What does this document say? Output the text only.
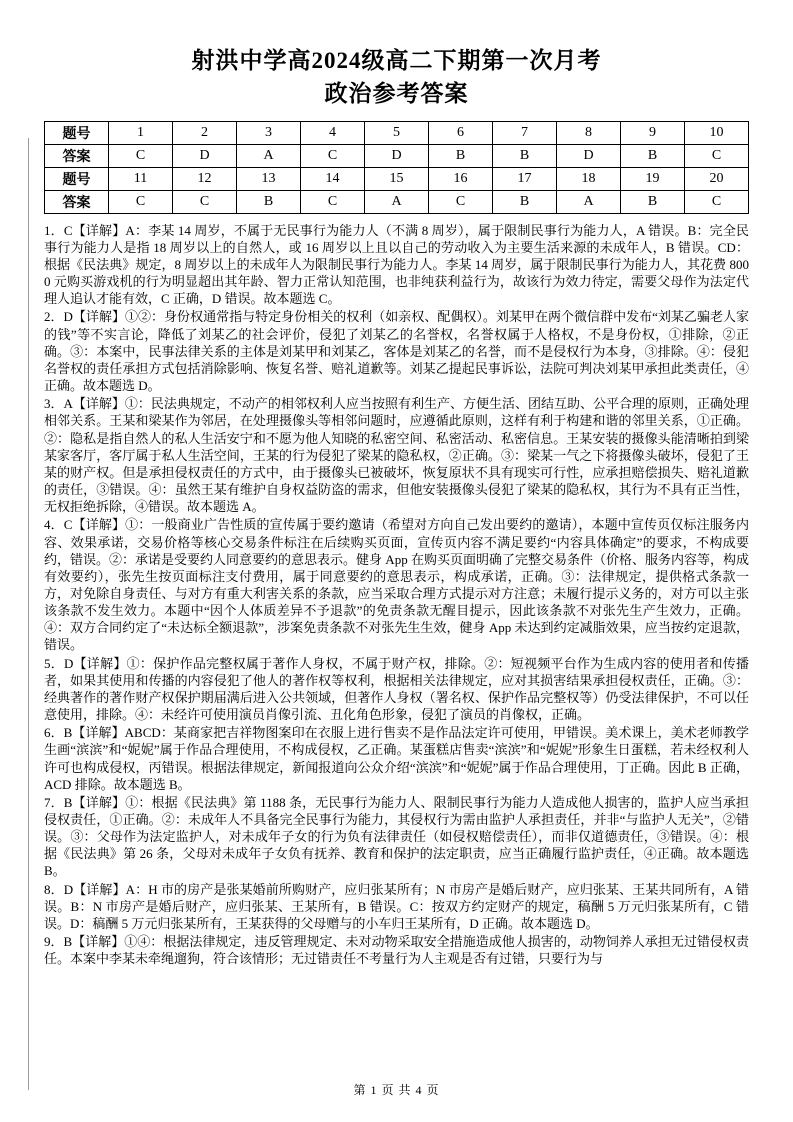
射洪中学高2024级高二下期第一次月考
政治参考答案
题号	1	2	3	4	5	6	7	8	9	10
答案	C	D	A	C	D	B	B	D	B	C
题号	11	12	13	14	15	16	17	18	19	20
答案	C	C	B	C	A	C	B	A	B	C
1．C【详解】A：李某 14 周岁，不属于无民事行为能力人（不满 8 周岁），属于限制民事行为能力人，A 错误。B：完全民事行为能力人是指 18 周岁以上的自然人，或 16 周岁以上且以自己的劳动收入为主要生活来源的未成年人，B 错误。CD：根据《民法典》规定，8 周岁以上的未成年人为限制民事行为能力人。李某 14 周岁，属于限制民事行为能力人，其花费 8000 元购买游戏机的行为明显超出其年龄、智力正常认知范围，也非纯获利益行为，故该行为效力待定，需要父母作为法定代理人追认才能有效，C 正确，D 错误。故本题选 C。
2．D【详解】①②：身份权通常指与特定身份相关的权利（如亲权、配偶权）。刘某甲在两个微信群中发布“刘某乙骗老人家的钱”等不实言论，降低了刘某乙的社会评价，侵犯了刘某乙的名誉权，名誉权属于人格权，不是身份权，①排除，②正确。③：本案中，民事法律关系的主体是刘某甲和刘某乙，客体是刘某乙的名誉，而不是侵权行为本身，③排除。④：侵犯名誉权的责任承担方式包括消除影响、恢复名誉、赔礼道歉等。刘某乙提起民事诉讼，法院可判决刘某甲承担此类责任，④正确。故本题选 D。
3．A【详解】①：民法典规定，不动产的相邻权利人应当按照有利生产、方便生活、团结互助、公平合理的原则，正确处理相邻关系。王某和梁某作为邻居，在处理摄像头等相邻问题时，应遵循此原则，这样有利于构建和谐的邻里关系，①正确。②：隐私是指自然人的私人生活安宁和不愿为他人知晓的私密空间、私密活动、私密信息。王某安装的摄像头能清晰拍到梁某家客厅，客厅属于私人生活空间，王某的行为侵犯了梁某的隐私权，②正确。③：梁某一气之下将摄像头破坏，侵犯了王某的财产权。但是承担侵权责任的方式中，由于摄像头已被破坏，恢复原状不具有现实可行性，应承担赔偿损失、赔礼道歉的责任，③错误。④：虽然王某有维护自身权益防盗的需求，但他安装摄像头侵犯了梁某的隐私权，其行为不具有正当性，无权拒绝拆除，④错误。故本题选 A。
4．C【详解】①：一般商业广告性质的宣传属于要约邀请（希望对方向自己发出要约的邀请），本题中宣传页仅标注服务内容、效果承诺，交易价格等核心交易条件标注在后续购买页面，宣传页内容不满足要约“内容具体确定”的要求，不构成要约，错误。②：承诺是受要约人同意要约的意思表示。健身 App 在购买页面明确了完整交易条件（价格、服务内容等，构成有效要约），张先生按页面标注支付费用，属于同意要约的意思表示，构成承诺，正确。③：法律规定，提供格式条款一方，对免除自身责任、与对方有重大利害关系的条款，应当采取合理方式提示对方注意；未履行提示义务的，对方可以主张该条款不发生效力。本题中“因个人体质差异不予退款”的免责条款无醒目提示，因此该条款不对张先生产生效力，正确。④：双方合同约定了“未达标全额退款”，涉案免责条款不对张先生生效，健身 App 未达到约定减脂效果，应当按约定退款，错误。
5．D【详解】①：保护作品完整权属于著作人身权，不属于财产权，排除。②：短视频平台作为生成内容的使用者和传播者，如果其使用和传播的内容侵犯了他人的著作权等权利，根据相关法律规定，应对其损害结果承担侵权责任，正确。③：经典著作的著作财产权保护期届满后进入公共领域，但著作人身权（署名权、保护作品完整权等）仍受法律保护，不可以任意使用，排除。④：未经许可使用演员肖像引流、丑化角色形象，侵犯了演员的肖像权，正确。
6．B【详解】ABCD：某商家把吉祥物图案印在衣服上进行售卖不是作品法定许可使用，甲错误。美术课上，美术老师教学生画“滨滨”和“妮妮”属于作品合理使用，不构成侵权，乙正确。某蛋糕店售卖“滨滨”和“妮妮”形象生日蛋糕，若未经权利人许可也构成侵权，丙错误。根据法律规定，新闻报道向公众介绍“滨滨”和“妮妮”属于作品合理使用，丁正确。因此 B 正确，ACD 排除。故本题选 B。
7．B【详解】①：根据《民法典》第 1188 条，无民事行为能力人、限制民事行为能力人造成他人损害的，监护人应当承担侵权责任，①正确。②：未成年人不具备完全民事行为能力，其侵权行为需由监护人承担责任，并非“与监护人无关”，②错误。③：父母作为法定监护人，对未成年子女的行为负有法律责任（如侵权赔偿责任），而非仅道德责任，③错误。④：根据《民法典》第 26 条，父母对未成年子女负有抚养、教育和保护的法定职责，应当正确履行监护责任，④正确。故本题选 B。
8．D【详解】A：H 市的房产是张某婚前所购财产，应归张某所有；N 市房产是婚后财产，应归张某、王某共同所有，A 错误。B：N 市房产是婚后财产，应归张某、王某所有，B 错误。C：按双方约定财产的规定，稿酬 5 万元归张某所有，C 错误。D：稿酬 5 万元归张某所有，王某获得的父母赠与的小车归王某所有，D 正确。故本题选 D。
9．B【详解】①④：根据法律规定，违反管理规定、未对动物采取安全措施造成他人损害的，动物饲养人承担无过错侵权责任。本案中李某未牵绳遛狗，符合该情形；无过错责任不考量行为人主观是否有过错，只要行为与
第 1 页 共 4 页
